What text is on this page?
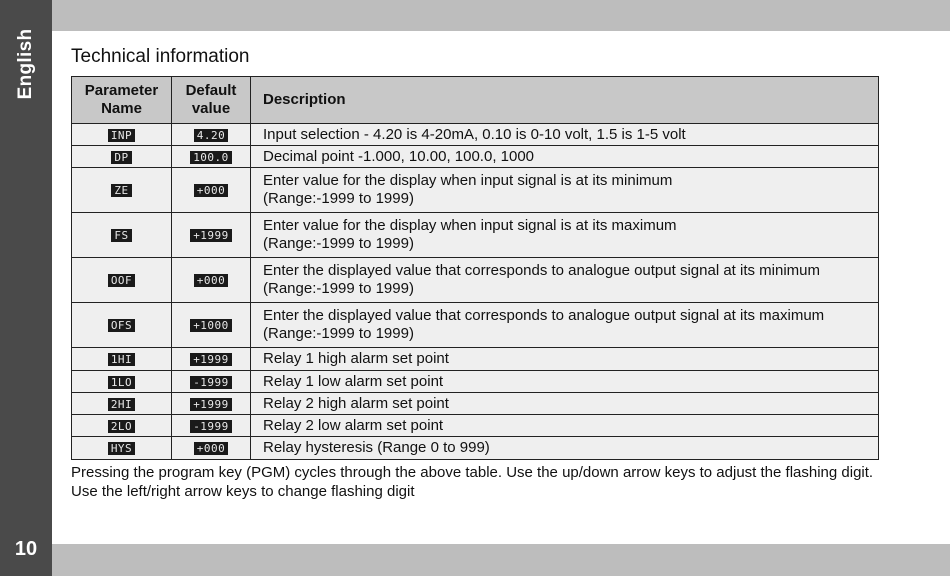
English
10
Technical information
Parameter Name	Default value	Description
INP	4.20	Input selection - 4.20 is 4-20mA, 0.10 is 0-10 volt, 1.5 is 1-5 volt

DP	100.0	Decimal point -1.000, 10.00, 100.0, 1000

ZE	+000	Enter value for the display when input signal is at its minimum
(Range:-1999 to 1999)

FS	+1999	Enter value for the display when input signal is at its maximum
(Range:-1999 to 1999)

OOF	+000	Enter the displayed value that corresponds to analogue output signal at its minimum
(Range:-1999 to 1999)

OFS	+1000	Enter the displayed value that corresponds to analogue output signal at its maximum
(Range:-1999 to 1999)

1HI	+1999	Relay 1 high alarm set point

1LO	-1999	Relay 1 low alarm set point

2HI	+1999	Relay 2 high alarm set point

2LO	-1999	Relay 2 low alarm set point

HYS	+000	Relay hysteresis (Range 0 to 999)
Pressing the program key (PGM) cycles through the above table. Use the up/down arrow keys to adjust the flashing digit. Use the left/right arrow keys to change flashing digit
